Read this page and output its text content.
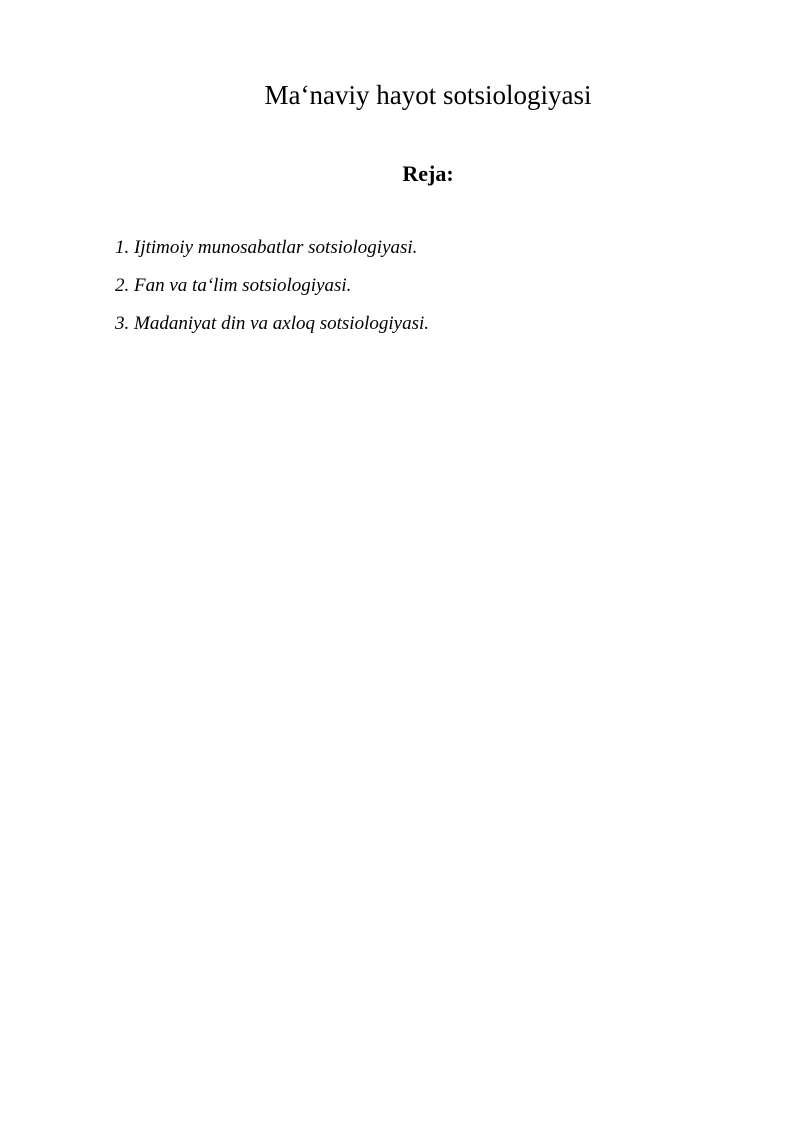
Ma‘naviy hayot sotsiologiyasi
Reja:
1. Ijtimoiy munosabatlar sotsiologiyasi.
2. Fan va ta‘lim sotsiologiyasi.
3. Madaniyat din va axloq sotsiologiyasi.
